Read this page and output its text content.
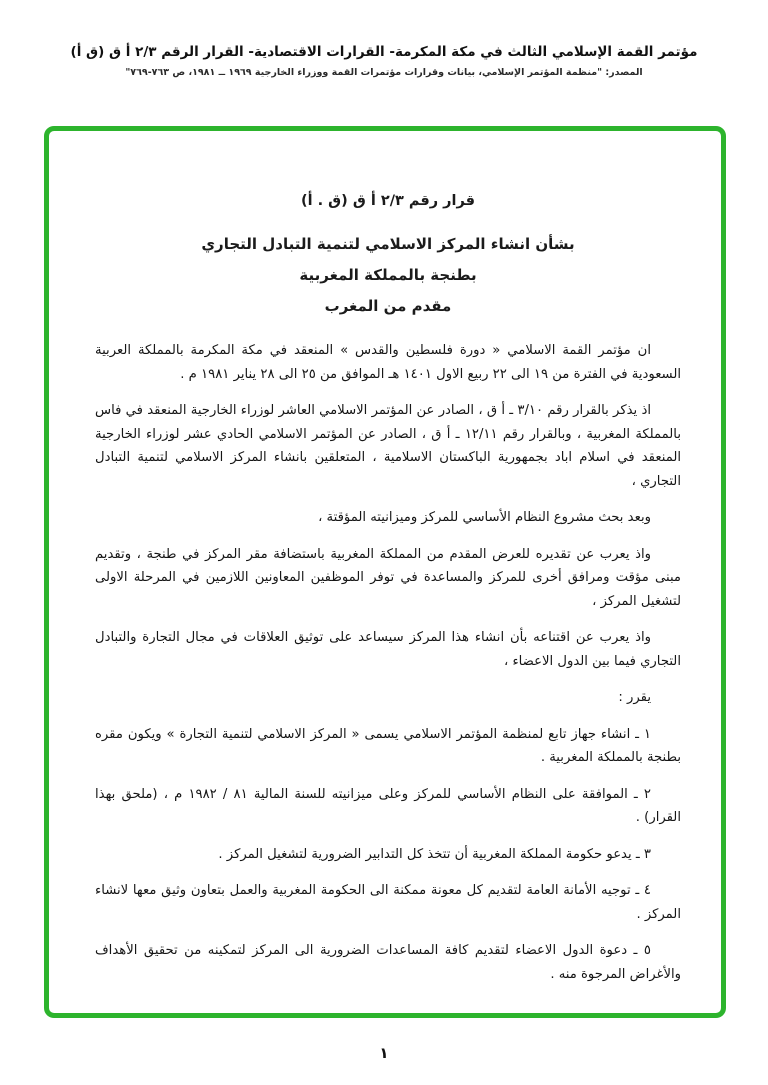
مؤتمر القمة الإسلامي الثالث في مكة المكرمة- القرارات الاقتصادية- القرار الرقم ٢/٣ أ ق (ق أ)
المصدر: "منظمة المؤتمر الإسلامي، بيانات وقرارات مؤتمرات القمة ووزراء الخارجية ١٩٦٩ ــ ١٩٨١، ص ٧٦٣-٧٦٩"
قرار رقم ٢/٣ أ ق (ق . أ)
بشأن انشاء المركز الاسلامي لتنمية التبادل التجاري
بطنجة بالمملكة المغربية
مقدم من المغرب

ان مؤتمر القمة الاسلامي « دورة فلسطين والقدس » المنعقد في مكة المكرمة بالمملكة العربية السعودية في الفترة من ١٩ الى ٢٢ ربيع الاول ١٤٠١ هـ الموافق من ٢٥ الى ٢٨ يناير ١٩٨١ م .

اذ يذكر بالقرار رقم ٣/١٠ ـ أ ق ، الصادر عن المؤتمر الاسلامي العاشر لوزراء الخارجية المنعقد في فاس بالمملكة المغربية ، وبالقرار رقم ١٢/١١ ـ أ ق ، الصادر عن المؤتمر الاسلامي الحادي عشر لوزراء الخارجية المنعقد في اسلام اباد بجمهورية الباكستان الاسلامية ، المتعلقين بانشاء المركز الاسلامي لتنمية التبادل التجاري ،

وبعد بحث مشروع النظام الأساسي للمركز وميزانيته المؤقتة ،

واذ يعرب عن تقديره للعرض المقدم من المملكة المغربية باستضافة مقر المركز في طنجة ، وتقديم مبنى مؤقت ومرافق أخرى للمركز والمساعدة في توفر الموظفين المعاونين اللازمين في المرحلة الاولى لتشغيل المركز ،

واذ يعرب عن اقتناعه بأن انشاء هذا المركز سيساعد على توثيق العلاقات في مجال التجارة والتبادل التجاري فيما بين الدول الاعضاء ،

يقرر :

١ ـ انشاء جهاز تابع لمنظمة المؤتمر الاسلامي يسمى « المركز الاسلامي لتنمية التجارة » ويكون مقره بطنجة بالمملكة المغربية .

٢ ـ الموافقة على النظام الأساسي للمركز وعلى ميزانيته للسنة المالية ٨١ / ١٩٨٢ م ، (ملحق بهذا القرار) .

٣ ـ يدعو حكومة المملكة المغربية أن تتخذ كل التدابير الضرورية لتشغيل المركز .

٤ ـ توجيه الأمانة العامة لتقديم كل معونة ممكنة الى الحكومة المغربية والعمل بتعاون وثيق معها لانشاء المركز .

٥ ـ دعوة الدول الاعضاء لتقديم كافة المساعدات الضرورية الى المركز لتمكينه من تحقيق الأهداف والأغراض المرجوة منه .

١
